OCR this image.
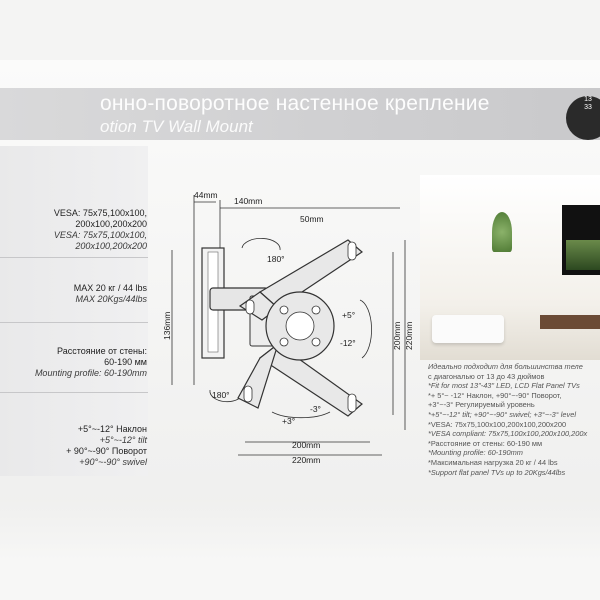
онно-поворотное настенное крепление
otion TV Wall Mount
13
33
VESA: 75x75,100x100,
200x100,200x200
VESA: 75x75,100x100,
200x100,200x200
MAX 20 кг / 44 lbs
MAX 20Kgs/44lbs
Расстояние от стены:
60-190 мм
Mounting profile: 60-190mm
+5°~-12° Наклон
+5°~-12° tilt
+ 90°~-90° Поворот
+90°~-90° swivel
44mm
140mm
50mm
136mm	200mm 220mm
200mm
220mm
180°
180°
+5°
-12°
+3°
-3°
Идеально подходит для большинства теле
с диагональю от 13 до 43 дюймов
*Fit for most 13"-43" LED, LCD Flat Panel TVs
*+ 5°~ -12° Наклон, +90°~-90° Поворот,
+3°~-3° Регулируемый уровень
*+5°~-12° tilt; +90°~-90° swivel; +3°~-3° level
*VESA: 75x75,100x100,200x100,200x200
*VESA compliant: 75x75,100x100,200x100,200x
*Расстояние от стены: 60-190 мм
*Mounting profile: 60-190mm
*Максимальная нагрузка 20 кг / 44 lbs
*Support flat panel TVs up to 20Kgs/44lbs
